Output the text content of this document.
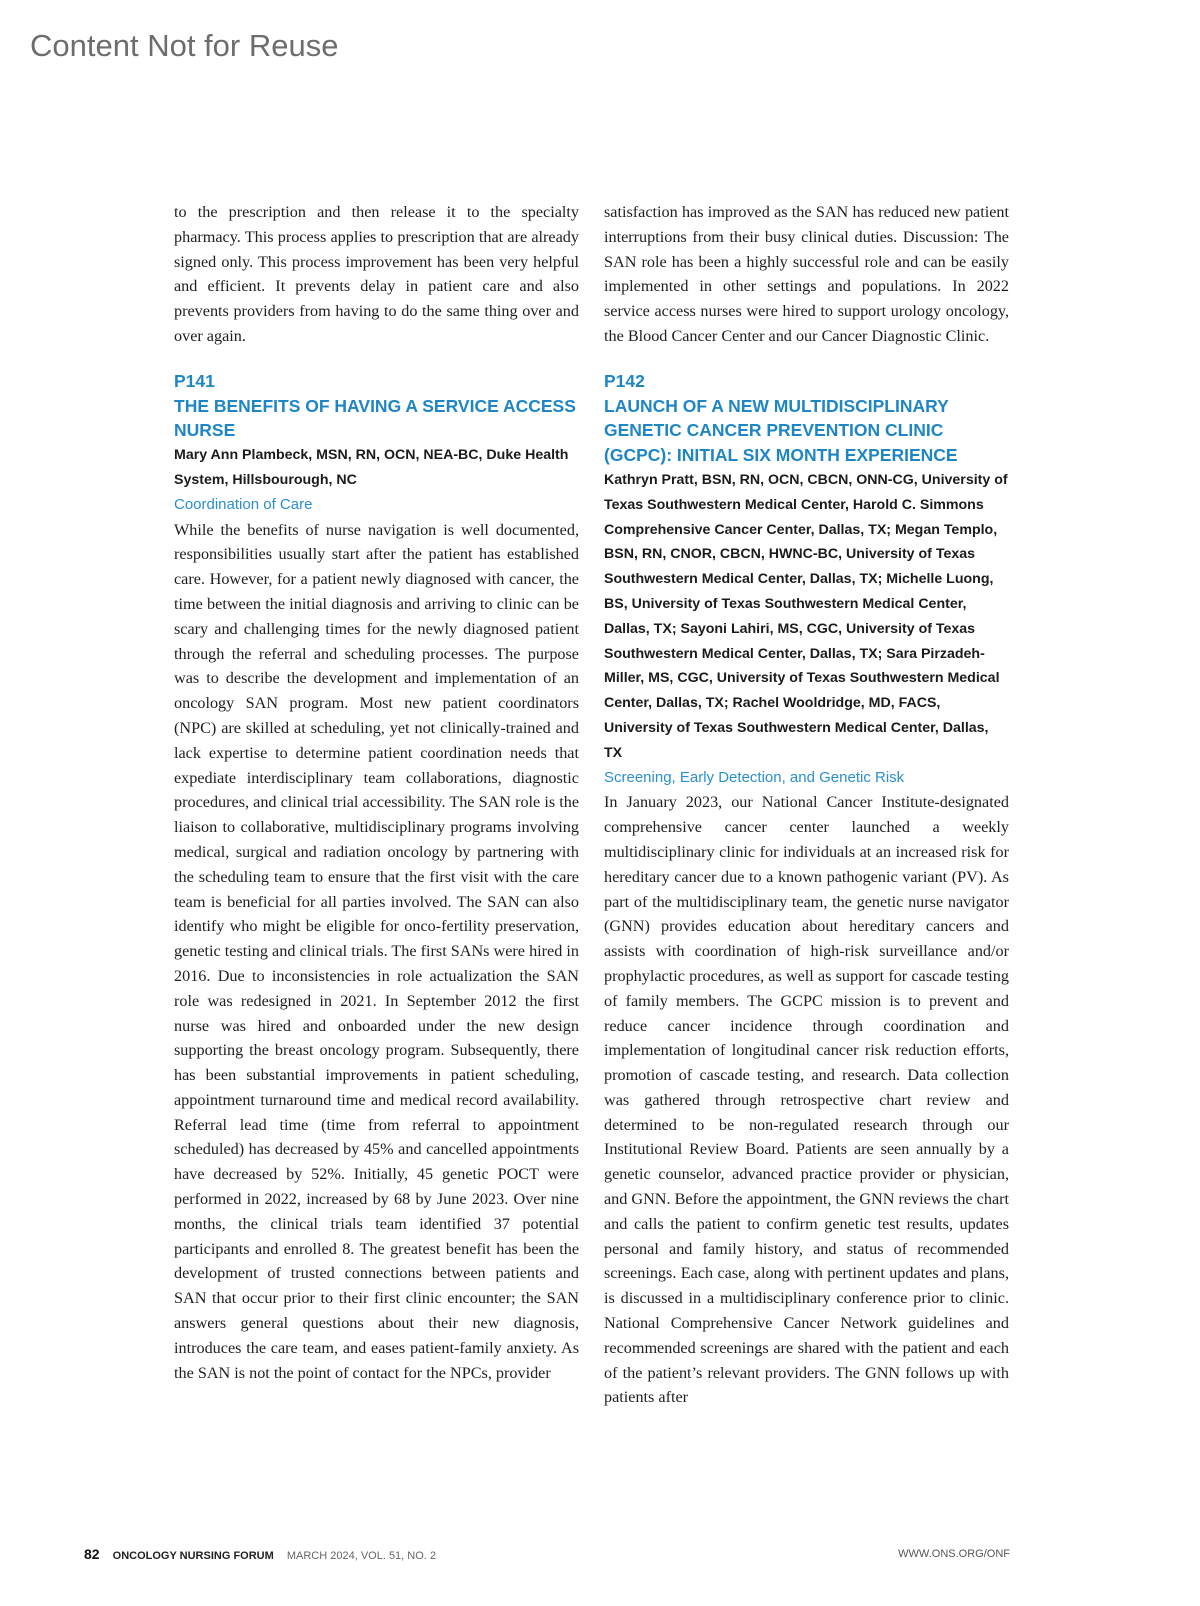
Content Not for Reuse

to the prescription and then release it to the specialty pharmacy. This process applies to prescription that are already signed only. This process improvement has been very helpful and efficient. It prevents delay in patient care and also prevents providers from having to do the same thing over and over again.

P141

THE BENEFITS OF HAVING A SERVICE ACCESS NURSE

Mary Ann Plambeck, MSN, RN, OCN, NEA-BC, Duke Health System, Hillsbourough, NC

Coordination of Care

While the benefits of nurse navigation is well documented, responsibilities usually start after the patient has established care. However, for a patient newly diagnosed with cancer, the time between the initial diagnosis and arriving to clinic can be scary and challenging times for the newly diagnosed patient through the referral and scheduling processes. The purpose was to describe the development and implementation of an oncology SAN program. Most new patient coordinators (NPC) are skilled at scheduling, yet not clinically-trained and lack expertise to determine patient coordination needs that expediate interdisciplinary team collaborations, diagnostic procedures, and clinical trial accessibility. The SAN role is the liaison to collaborative, multidisciplinary programs involving medical, surgical and radiation oncology by partnering with the scheduling team to ensure that the first visit with the care team is beneficial for all parties involved. The SAN can also identify who might be eligible for onco-fertility preservation, genetic testing and clinical trials. The first SANs were hired in 2016. Due to inconsistencies in role actualization the SAN role was redesigned in 2021. In September 2012 the first nurse was hired and onboarded under the new design supporting the breast oncology program. Subsequently, there has been substantial improvements in patient scheduling, appointment turnaround time and medical record availability. Referral lead time (time from referral to appointment scheduled) has decreased by 45% and cancelled appointments have decreased by 52%. Initially, 45 genetic POCT were performed in 2022, increased by 68 by June 2023. Over nine months, the clinical trials team identified 37 potential participants and enrolled 8. The greatest benefit has been the development of trusted connections between patients and SAN that occur prior to their first clinic encounter; the SAN answers general questions about their new diagnosis, introduces the care team, and eases patient-family anxiety. As the SAN is not the point of contact for the NPCs, provider

satisfaction has improved as the SAN has reduced new patient interruptions from their busy clinical duties. Discussion: The SAN role has been a highly successful role and can be easily implemented in other settings and populations. In 2022 service access nurses were hired to support urology oncology, the Blood Cancer Center and our Cancer Diagnostic Clinic.

P142

LAUNCH OF A NEW MULTIDISCIPLINARY GENETIC CANCER PREVENTION CLINIC (GCPC): INITIAL SIX MONTH EXPERIENCE

Kathryn Pratt, BSN, RN, OCN, CBCN, ONN-CG, University of Texas Southwestern Medical Center, Harold C. Simmons Comprehensive Cancer Center, Dallas, TX; Megan Templo, BSN, RN, CNOR, CBCN, HWNC-BC, University of Texas Southwestern Medical Center, Dallas, TX; Michelle Luong, BS, University of Texas Southwestern Medical Center, Dallas, TX; Sayoni Lahiri, MS, CGC, University of Texas Southwestern Medical Center, Dallas, TX; Sara Pirzadeh-Miller, MS, CGC, University of Texas Southwestern Medical Center, Dallas, TX; Rachel Wooldridge, MD, FACS, University of Texas Southwestern Medical Center, Dallas, TX

Screening, Early Detection, and Genetic Risk

In January 2023, our National Cancer Institute-designated comprehensive cancer center launched a weekly multidisciplinary clinic for individuals at an increased risk for hereditary cancer due to a known pathogenic variant (PV). As part of the multidisciplinary team, the genetic nurse navigator (GNN) provides education about hereditary cancers and assists with coordination of high-risk surveillance and/or prophylactic procedures, as well as support for cascade testing of family members. The GCPC mission is to prevent and reduce cancer incidence through coordination and implementation of longitudinal cancer risk reduction efforts, promotion of cascade testing, and research. Data collection was gathered through retrospective chart review and determined to be non-regulated research through our Institutional Review Board. Patients are seen annually by a genetic counselor, advanced practice provider or physician, and GNN. Before the appointment, the GNN reviews the chart and calls the patient to confirm genetic test results, updates personal and family history, and status of recommended screenings. Each case, along with pertinent updates and plans, is discussed in a multidisciplinary conference prior to clinic. National Comprehensive Cancer Network guidelines and recommended screenings are shared with the patient and each of the patient’s relevant providers. The GNN follows up with patients after

82 ONCOLOGY NURSING FORUM MARCH 2024, VOL. 51, NO. 2	WWW.ONS.ORG/ONF
